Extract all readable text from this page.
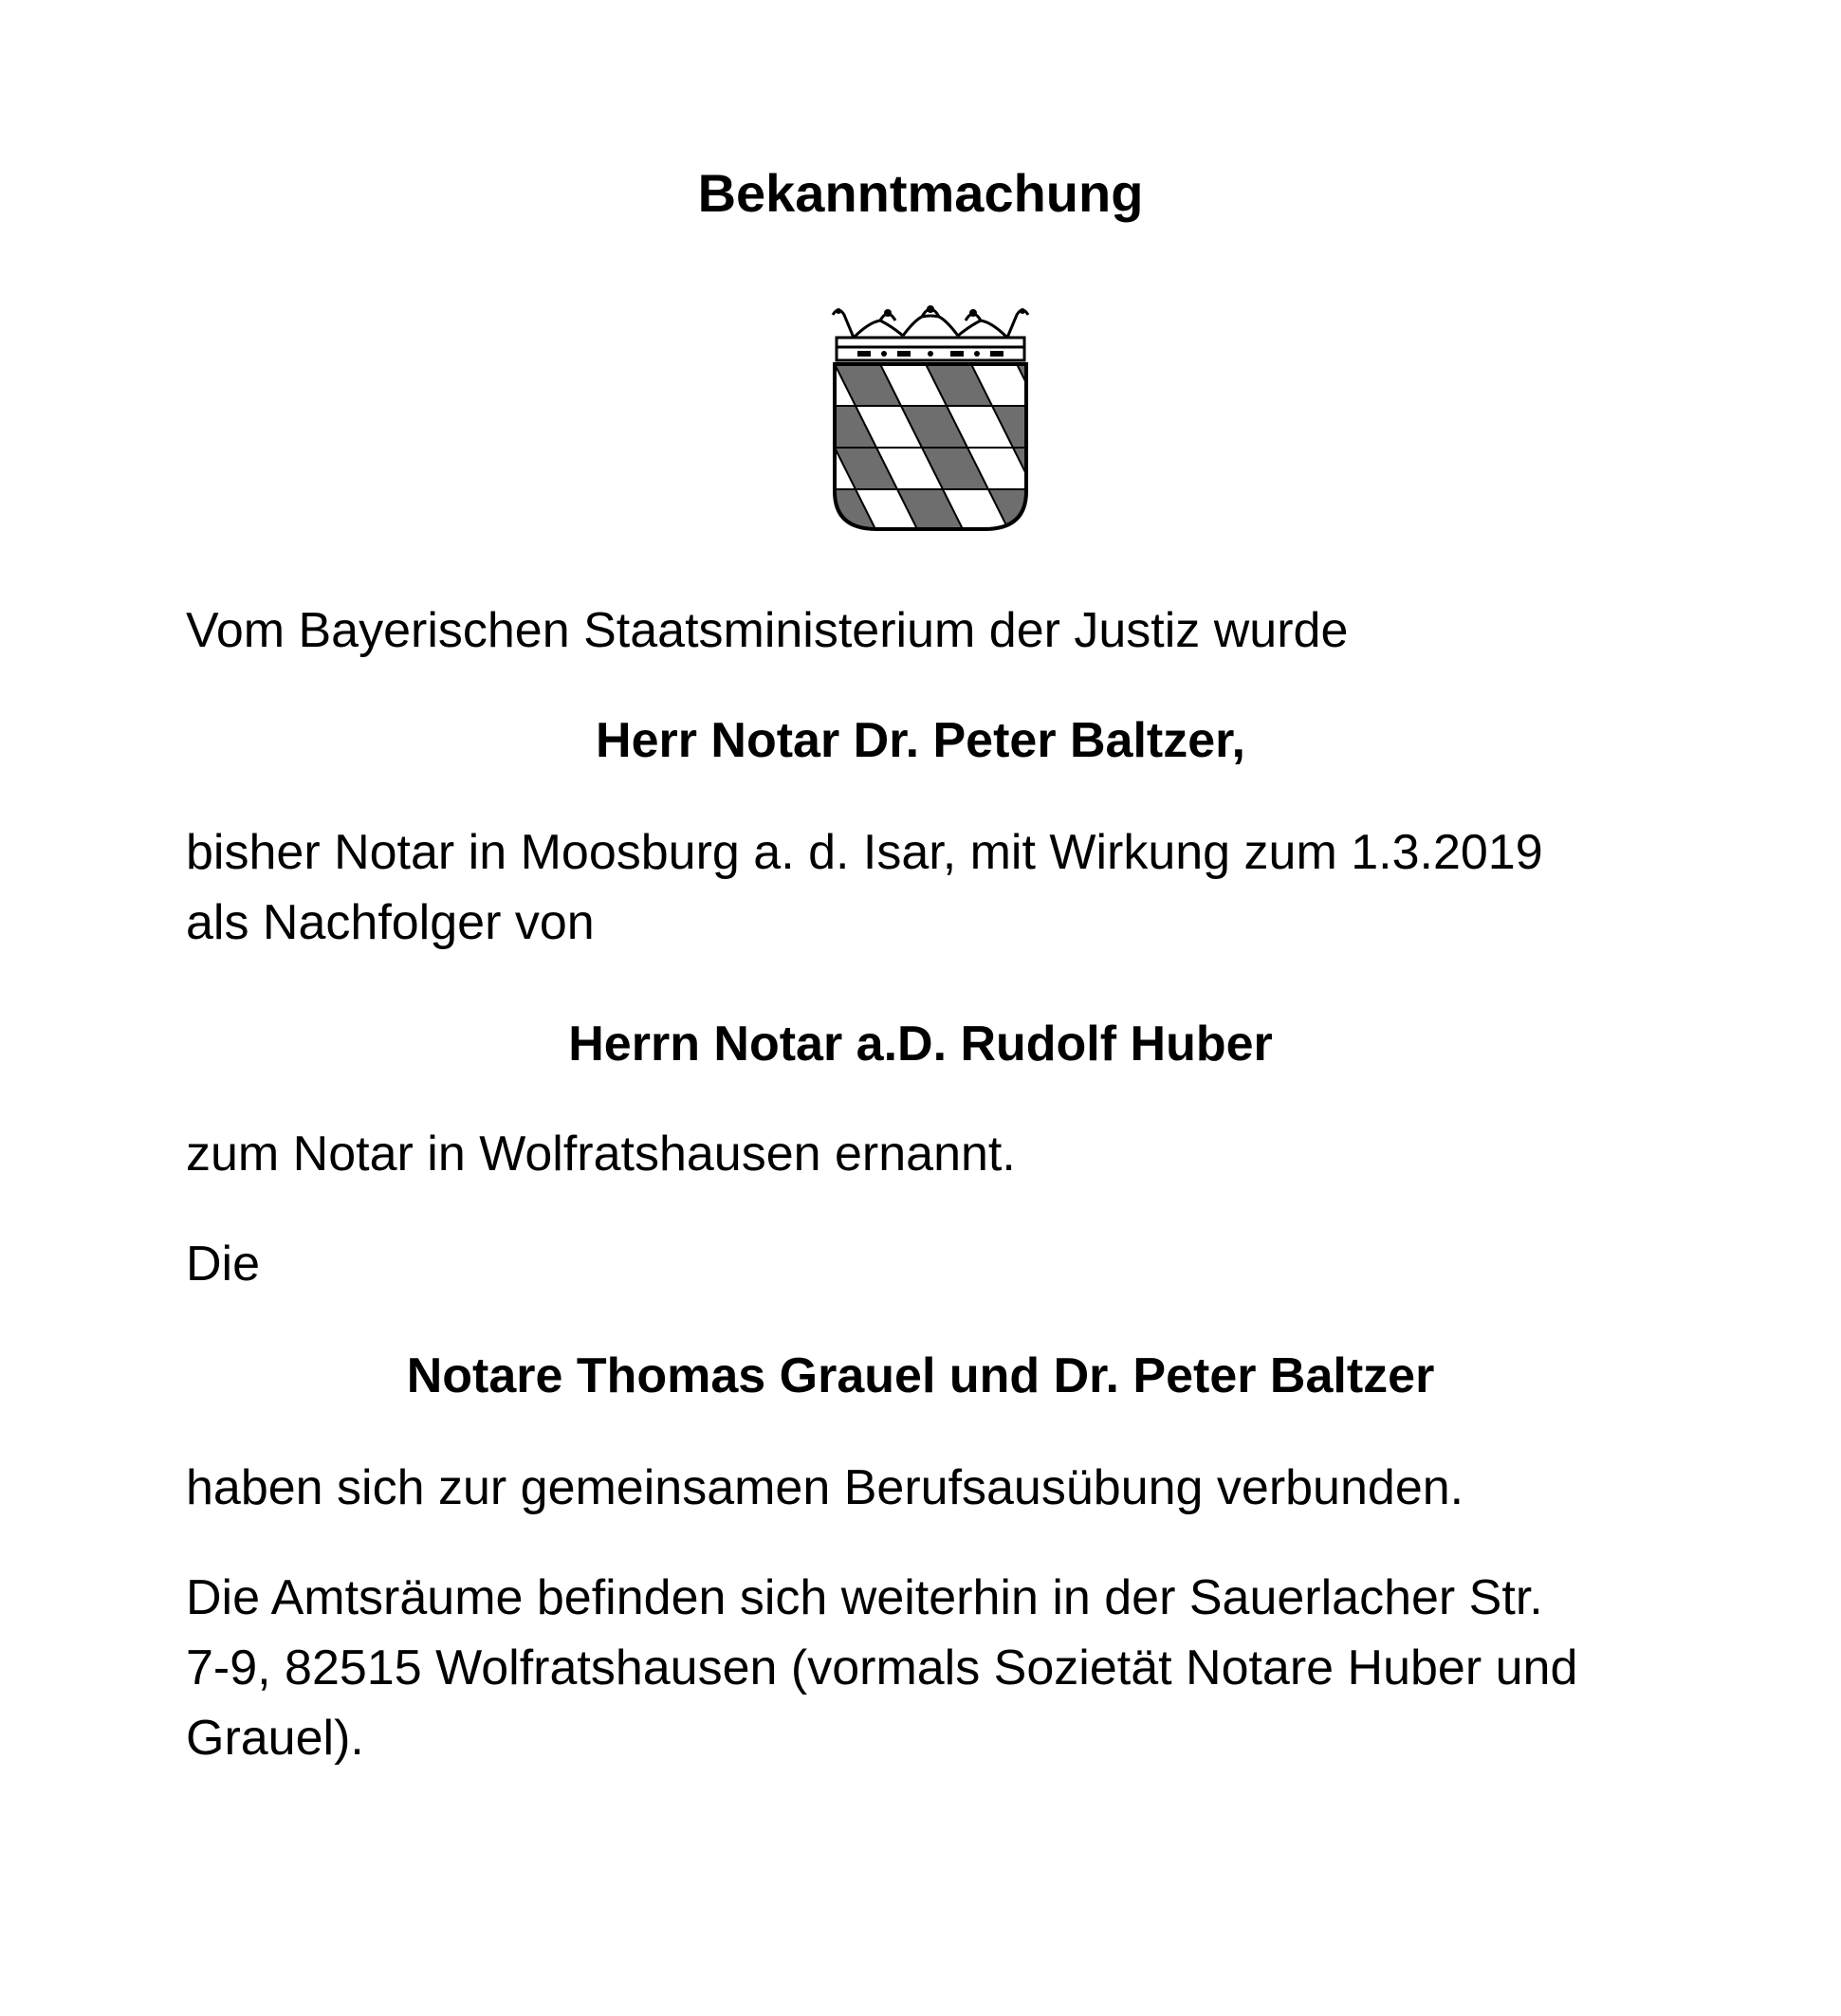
Bekanntmachung
Vom Bayerischen Staatsministerium der Justiz wurde
Herr Notar Dr. Peter Baltzer,
bisher Notar in Moosburg a. d. Isar, mit Wirkung zum 1.3.2019
als Nachfolger von
Herrn Notar a.D. Rudolf Huber
zum Notar in Wolfratshausen ernannt.
Die
Notare Thomas Grauel und Dr. Peter Baltzer
haben sich zur gemeinsamen Berufsausübung verbunden.
Die Amtsräume befinden sich weiterhin in der Sauerlacher Str.
7-9, 82515 Wolfratshausen (vormals Sozietät Notare Huber und
Grauel).
